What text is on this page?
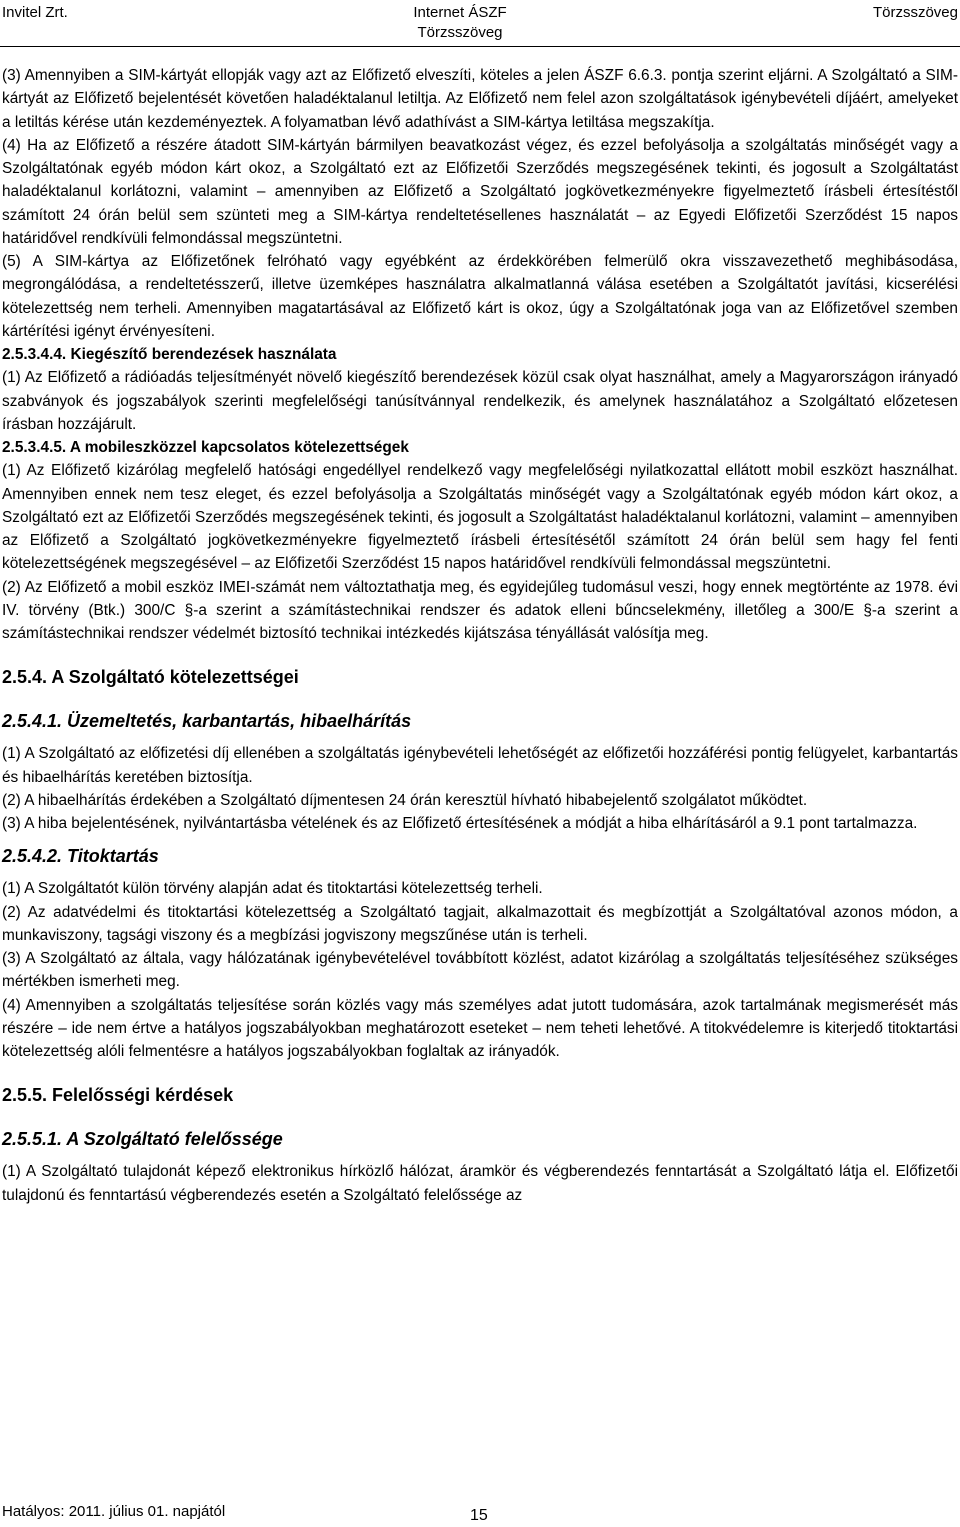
Invitel Zrt.	Internet ÁSZF
Törzsszöveg
Törzsszöveg

(3) Amennyiben a SIM-kártyát ellopják vagy azt az Előfizető elveszíti, köteles a jelen ÁSZF 6.6.3. pontja szerint eljárni. A Szolgáltató a SIM-kártyát az Előfizető bejelentését követően haladéktalanul letiltja. Az Előfizető nem felel azon szolgáltatások igénybevételi díjáért, amelyeket a letiltás kérése után kezdeményeztek. A folyamatban lévő adathívást a SIM-kártya letiltása megszakítja.

(4) Ha az Előfizető a részére átadott SIM-kártyán bármilyen beavatkozást végez, és ezzel befolyásolja a szolgáltatás minőségét vagy a Szolgáltatónak egyéb módon kárt okoz, a Szolgáltató ezt az Előfizetői Szerződés megszegésének tekinti, és jogosult a Szolgáltatást haladéktalanul korlátozni, valamint – amennyiben az Előfizető a Szolgáltató jogkövetkezményekre figyelmeztető írásbeli értesítéstől számított 24 órán belül sem szünteti meg a SIM-kártya rendeltetésellenes használatát – az Egyedi Előfizetői Szerződést 15 napos határidővel rendkívüli felmondással megszüntetni.

(5) A SIM-kártya az Előfizetőnek felróható vagy egyébként az érdekkörében felmerülő okra visszavezethető meghibásodása, megrongálódása, a rendeltetésszerű, illetve üzemképes használatra alkalmatlanná válása esetében a Szolgáltatót javítási, kicserélési kötelezettség nem terheli. Amennyiben magatartásával az Előfizető kárt is okoz, úgy a Szolgáltatónak joga van az Előfizetővel szemben kártérítési igényt érvényesíteni.

2.5.3.4.4. Kiegészítő berendezések használata

(1) Az Előfizető a rádióadás teljesítményét növelő kiegészítő berendezések közül csak olyat használhat, amely a Magyarországon irányadó szabványok és jogszabályok szerinti megfelelőségi tanúsítvánnyal rendelkezik, és amelynek használatához a Szolgáltató előzetesen írásban hozzájárult.

2.5.3.4.5. A mobileszközzel kapcsolatos kötelezettségek

(1) Az Előfizető kizárólag megfelelő hatósági engedéllyel rendelkező vagy megfelelőségi nyilatkozattal ellátott mobil eszközt használhat. Amennyiben ennek nem tesz eleget, és ezzel befolyásolja a Szolgáltatás minőségét vagy a Szolgáltatónak egyéb módon kárt okoz, a Szolgáltató ezt az Előfizetői Szerződés megszegésének tekinti, és jogosult a Szolgáltatást haladéktalanul korlátozni, valamint – amennyiben az Előfizető a Szolgáltató jogkövetkezményekre figyelmeztető írásbeli értesítésétől számított 24 órán belül sem hagy fel fenti kötelezettségének megszegésével – az Előfizetői Szerződést 15 napos határidővel rendkívüli felmondással megszüntetni.

(2) Az Előfizető a mobil eszköz IMEI-számát nem változtathatja meg, és egyidejűleg tudomásul veszi, hogy ennek megtörténte az 1978. évi IV. törvény (Btk.) 300/C §-a szerint a számítástechnikai rendszer és adatok elleni bűncselekmény, illetőleg a 300/E §-a szerint a számítástechnikai rendszer védelmét biztosító technikai intézkedés kijátszása tényállását valósítja meg.

2.5.4. A Szolgáltató kötelezettségei

2.5.4.1. Üzemeltetés, karbantartás, hibaelhárítás

(1) A Szolgáltató az előfizetési díj ellenében a szolgáltatás igénybevételi lehetőségét az előfizetői hozzáférési pontig felügyelet, karbantartás és hibaelhárítás keretében biztosítja.

(2) A hibaelhárítás érdekében a Szolgáltató díjmentesen 24 órán keresztül hívható hibabejelentő szolgálatot működtet.

(3) A hiba bejelentésének, nyilvántartásba vételének és az Előfizető értesítésének a módját a hiba elhárításáról a 9.1 pont tartalmazza.

2.5.4.2. Titoktartás

(1) A Szolgáltatót külön törvény alapján adat és titoktartási kötelezettség terheli.

(2) Az adatvédelmi és titoktartási kötelezettség a Szolgáltató tagjait, alkalmazottait és megbízottját a Szolgáltatóval azonos módon, a munkaviszony, tagsági viszony és a megbízási jogviszony megszűnése után is terheli.

(3) A Szolgáltató az általa, vagy hálózatának igénybevételével továbbított közlést, adatot kizárólag a szolgáltatás teljesítéséhez szükséges mértékben ismerheti meg.

(4) Amennyiben a szolgáltatás teljesítése során közlés vagy más személyes adat jutott tudomására, azok tartalmának megismerését más részére – ide nem értve a hatályos jogszabályokban meghatározott eseteket – nem teheti lehetővé. A titokvédelemre is kiterjedő titoktartási kötelezettség alóli felmentésre a hatályos jogszabályokban foglaltak az irányadók.

2.5.5. Felelősségi kérdések

2.5.5.1. A Szolgáltató felelőssége

(1) A Szolgáltató tulajdonát képező elektronikus hírközlő hálózat, áramkör és végberendezés fenntartását a Szolgáltató látja el. Előfizetői tulajdonú és fenntartású végberendezés esetén a Szolgáltató felelőssége az

Hatályos: 2011. július 01. napjától	15
